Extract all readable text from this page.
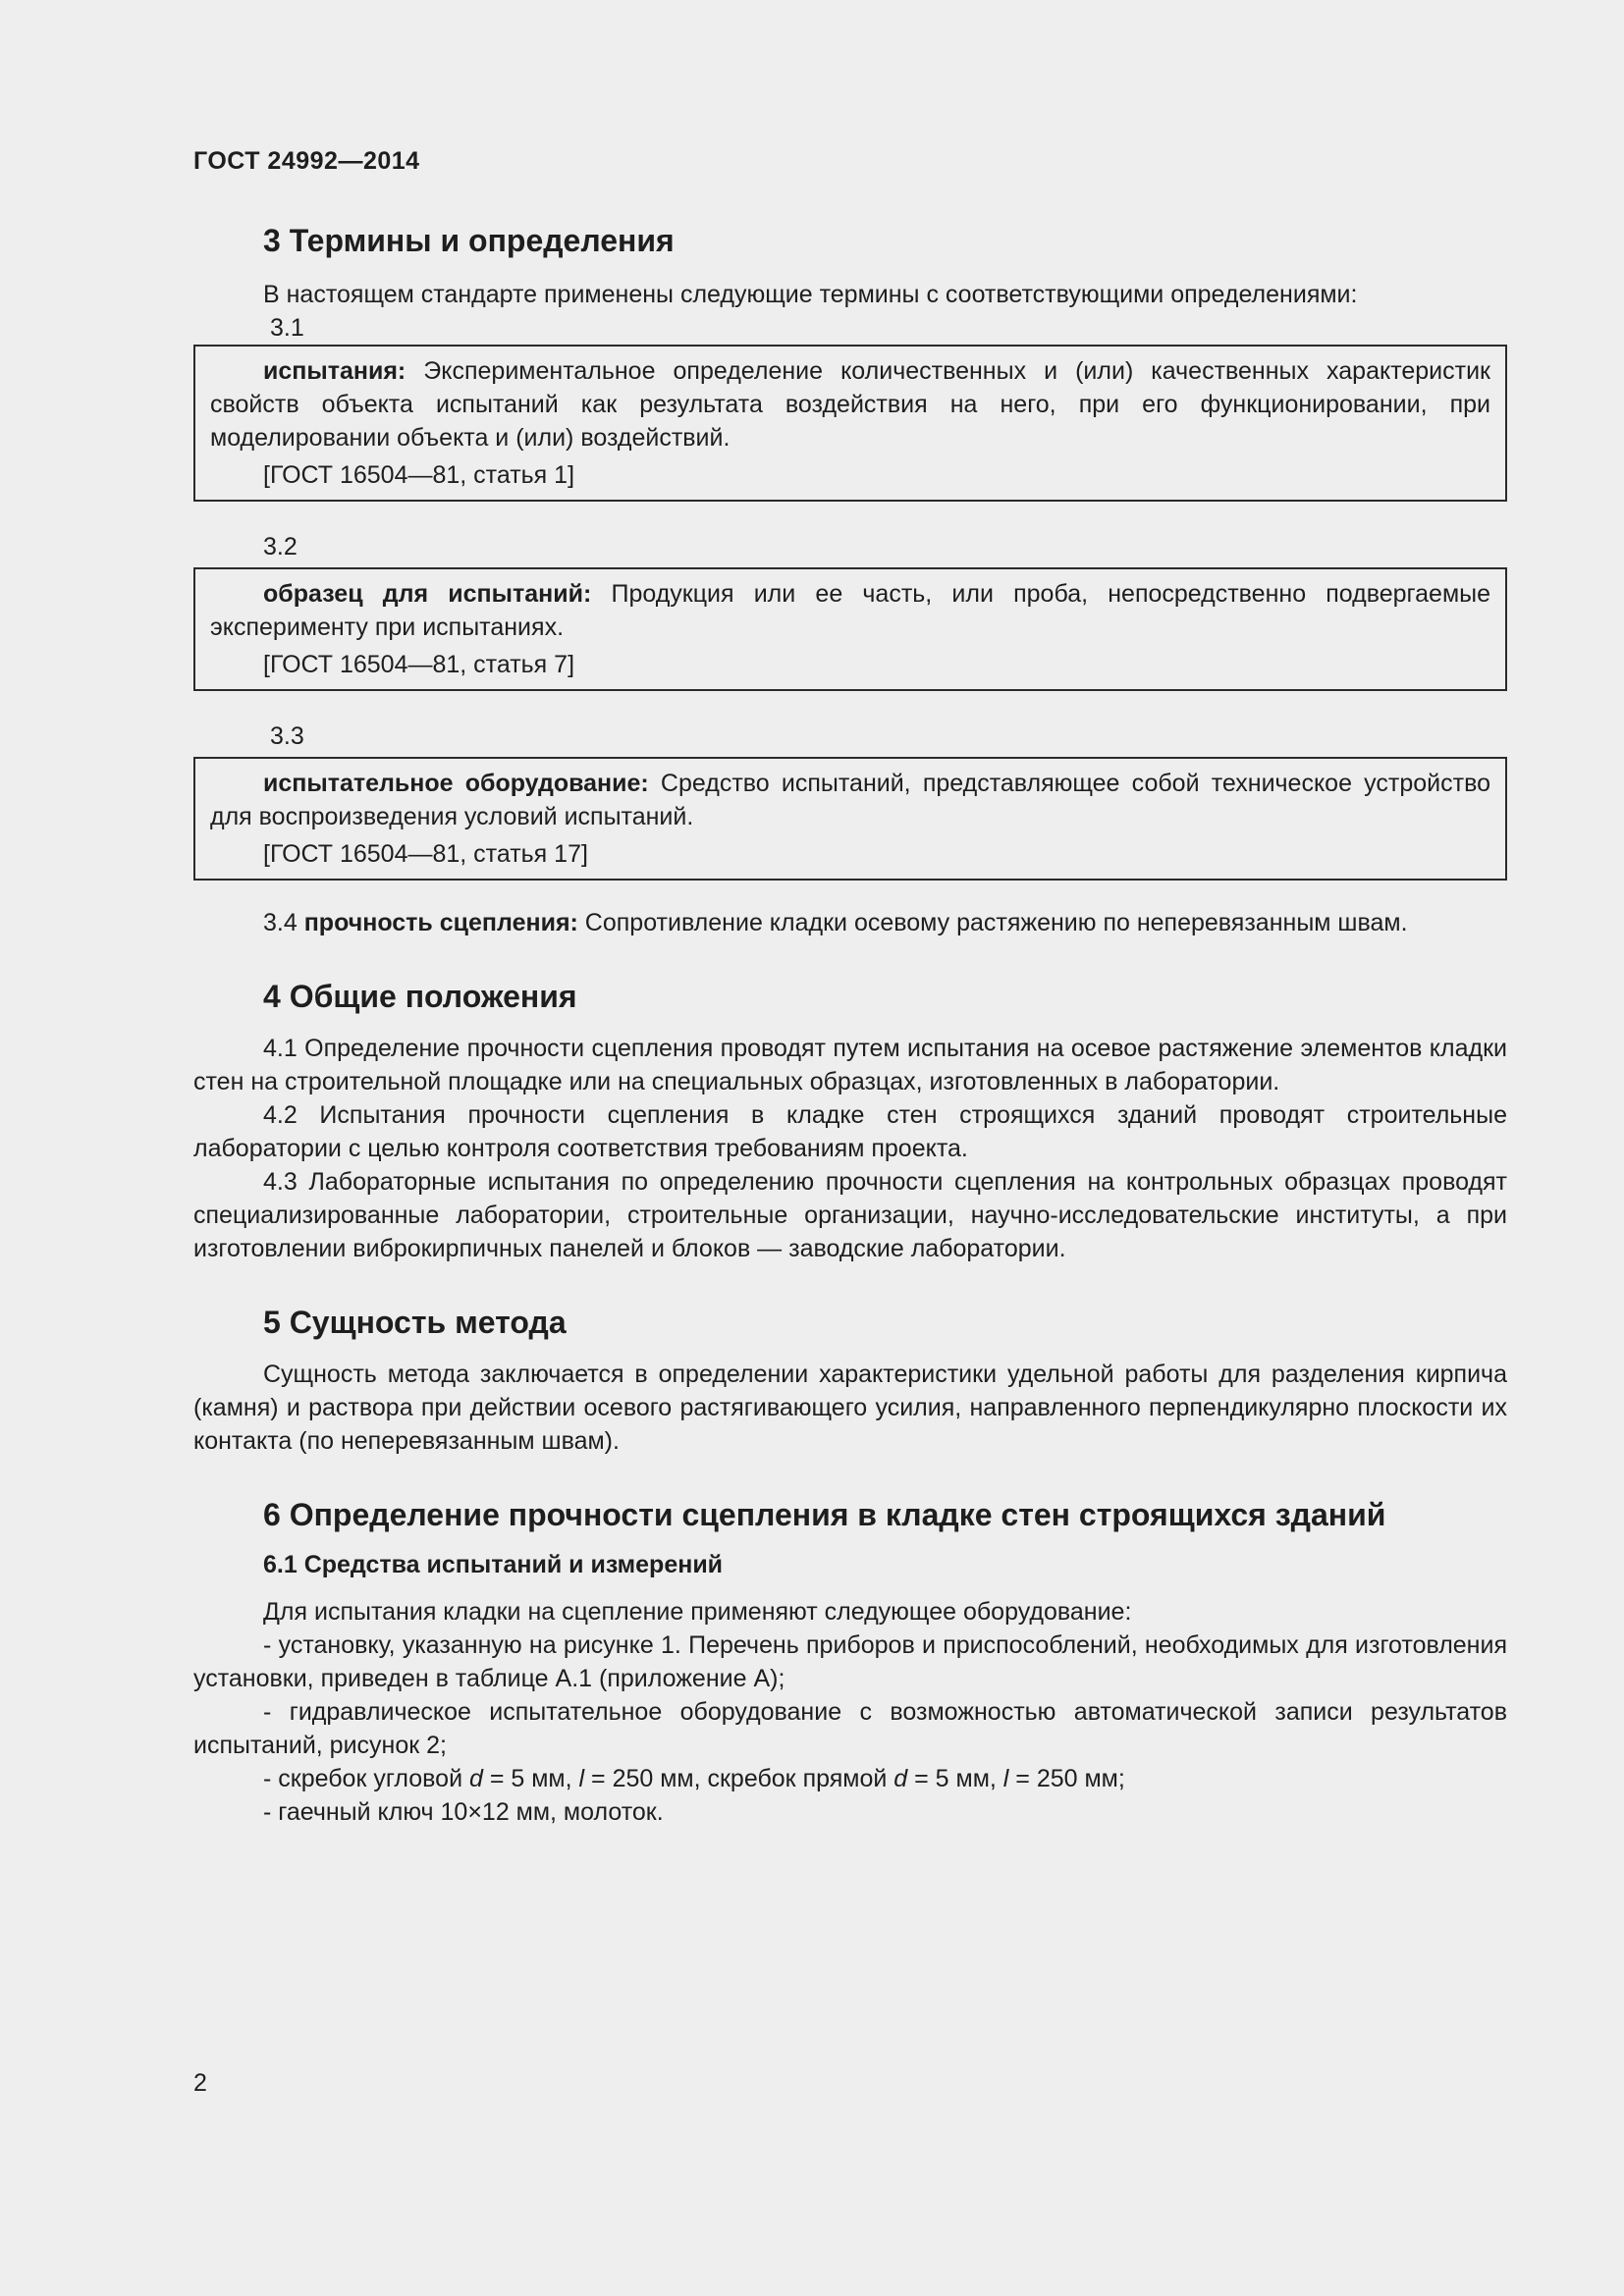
ГОСТ 24992—2014
3 Термины и определения

В настоящем стандарте применены следующие термины с соответствующими определениями:

3.1

испытания: Экспериментальное определение количественных и (или) качественных характеристик свойств объекта испытаний как результата воздействия на него, при его функционировании, при моделировании объекта и (или) воздействий.

[ГОСТ 16504—81, статья 1]
3.2

образец для испытаний: Продукция или ее часть, или проба, непосредственно подвергаемые эксперименту при испытаниях.

[ГОСТ 16504—81, статья 7]
3.3

испытательное оборудование: Средство испытаний, представляющее собой техническое устройство для воспроизведения условий испытаний.

[ГОСТ 16504—81, статья 17]

3.4 прочность сцепления: Сопротивление кладки осевому растяжению по неперевязанным швам.

4 Общие положения

4.1 Определение прочности сцепления проводят путем испытания на осевое растяжение элементов кладки стен на строительной площадке или на специальных образцах, изготовленных в лаборатории.

4.2 Испытания прочности сцепления в кладке стен строящихся зданий проводят строительные лаборатории с целью контроля соответствия требованиям проекта.

4.3 Лабораторные испытания по определению прочности сцепления на контрольных образцах проводят специализированные лаборатории, строительные организации, научно-исследовательские институты, а при изготовлении виброкирпичных панелей и блоков — заводские лаборатории.

5 Сущность метода

Сущность метода заключается в определении характеристики удельной работы для разделения кирпича (камня) и раствора при действии осевого растягивающего усилия, направленного перпендикулярно плоскости их контакта (по неперевязанным швам).

6 Определение прочности сцепления в кладке стен строящихся зданий
6.1 Средства испытаний и измерений

Для испытания кладки на сцепление применяют следующее оборудование:

- установку, указанную на рисунке 1. Перечень приборов и приспособлений, необходимых для изготовления установки, приведен в таблице А.1 (приложение А);

- гидравлическое испытательное оборудование с возможностью автоматической записи результатов испытаний, рисунок 2;

- скребок угловой d = 5 мм, l = 250 мм, скребок прямой d = 5 мм, l = 250 мм;

- гаечный ключ 10×12 мм, молоток.

2
